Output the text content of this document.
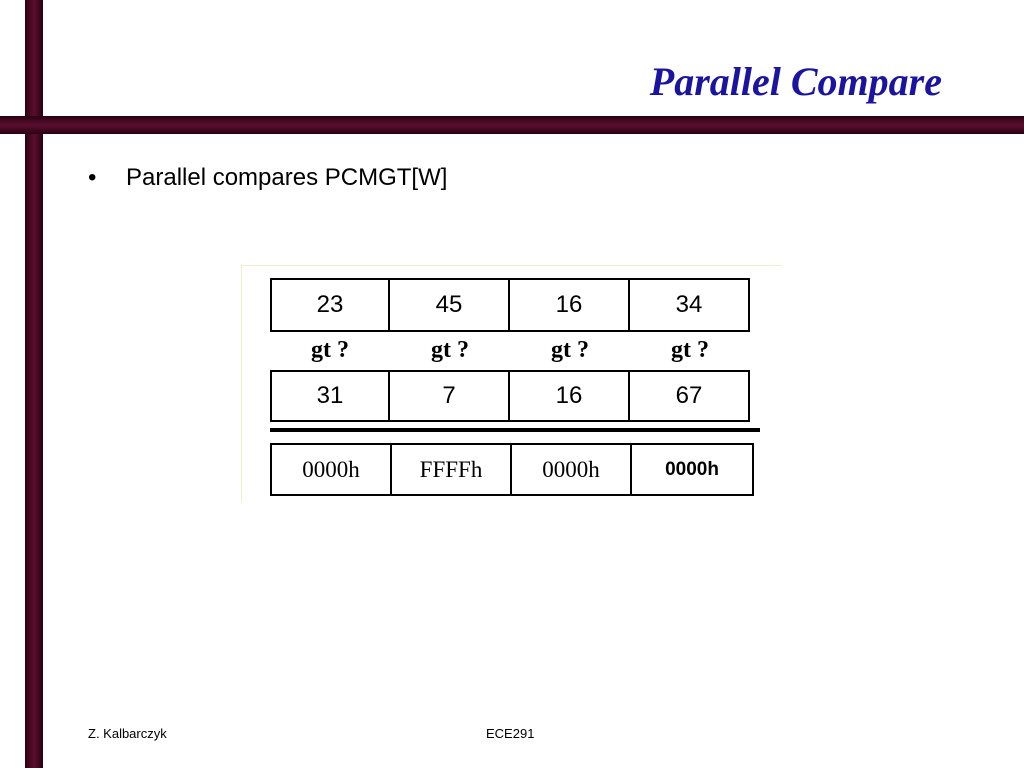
Parallel Compare
• Parallel compares PCMGT[W]
23	45	16	34
gt ?	gt ?	gt ?	gt ?
31	7	16	67
0000h	FFFFh	0000h	0000h
Z. Kalbarczyk	ECE291
